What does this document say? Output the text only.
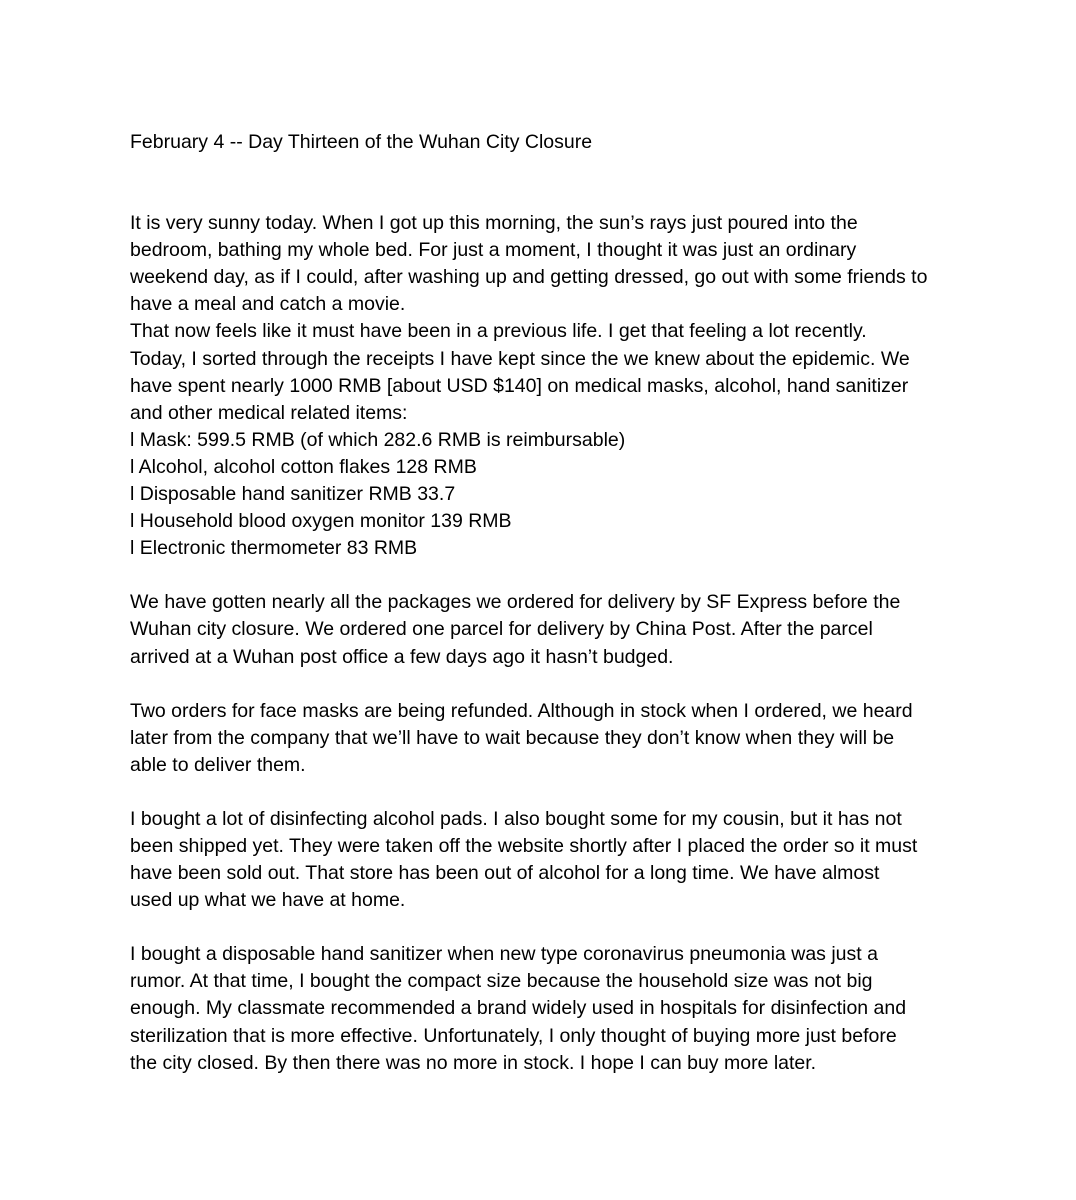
February 4 -- Day Thirteen of the Wuhan City Closure

It is very sunny today. When I got up this morning, the sun’s rays just poured into the
bedroom, bathing my whole bed. For just a moment, I thought it was just an ordinary
weekend day, as if I could, after washing up and getting dressed, go out with some friends to
have a meal and catch a movie.

That now feels like it must have been in a previous life. I get that feeling a lot recently.

Today, I sorted through the receipts I have kept since the we knew about the epidemic. We
have spent nearly 1000 RMB [about USD $140] on medical masks, alcohol, hand sanitizer
and other medical related items:

l Mask: 599.5 RMB (of which 282.6 RMB is reimbursable)
l Alcohol, alcohol cotton flakes 128 RMB
l Disposable hand sanitizer RMB 33.7
l Household blood oxygen monitor 139 RMB
l Electronic thermometer 83 RMB

We have gotten nearly all the packages we ordered for delivery by SF Express before the
Wuhan city closure. We ordered one parcel for delivery by China Post. After the parcel
arrived at a Wuhan post office a few days ago it hasn’t budged.

Two orders for face masks are being refunded. Although in stock when I ordered, we heard
later from the company that we’ll have to wait because they don’t know when they will be
able to deliver them.

I bought a lot of disinfecting alcohol pads. I also bought some for my cousin, but it has not
been shipped yet. They were taken off the website shortly after I placed the order so it must
have been sold out. That store has been out of alcohol for a long time. We have almost
used up what we have at home.

I bought a disposable hand sanitizer when new type coronavirus pneumonia was just a
rumor. At that time, I bought the compact size because the household size was not big
enough. My classmate recommended a brand widely used in hospitals for disinfection and
sterilization that is more effective. Unfortunately, I only thought of buying more just before
the city closed. By then there was no more in stock. I hope I can buy more later.
